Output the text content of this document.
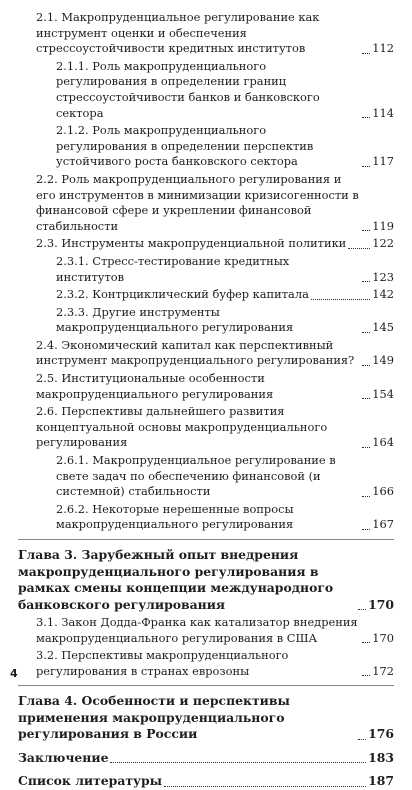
2.1. Макропруденциальное регулирование как инструмент оценки и обеспечения стрессоустойчивости кредитных институтов	112
2.1.1. Роль макропруденциального регулирования в определении границ стрессоустойчивости банков и банковского сектора	114
2.1.2. Роль макропруденциального регулирования в определении перспектив устойчивого роста банковского сектора	117
2.2. Роль макропруденциального регулирования и его инструментов в минимизации кризисогенности в финансовой сфере и укреплении финансовой стабильности	119
2.3. Инструменты макропруденциальной политики 122
2.3.1. Стресс-тестирование кредитных институтов	123
2.3.2. Контрциклический буфер капитала	142
2.3.3. Другие инструменты макропруденциального регулирования	145
2.4. Экономический капитал как перспективный инструмент макропруденциального регулирования?	149
2.5. Институциональные особенности макропруденциального регулирования	154
2.6. Перспективы дальнейшего развития концептуальной основы макропруденциального регулирования	164
2.6.1. Макропруденциальное регулирование в свете задач по обеспечению финансовой (и системной) стабильности	166
2.6.2. Некоторые нерешенные вопросы макропруденциального регулирования	167
Глава 3. Зарубежный опыт внедрения макропруденциального регулирования в рамках смены концепции международного банковского регулирования	170
3.1. Закон Додда-Франка как катализатор внедрения макропруденциального регулирования в США	170
3.2. Перспективы макропруденциального регулирования в странах еврозоны	172
Глава 4. Особенности и перспективы применения макропруденциального регулирования в России	176
Заключение	183
Список литературы	187
4
